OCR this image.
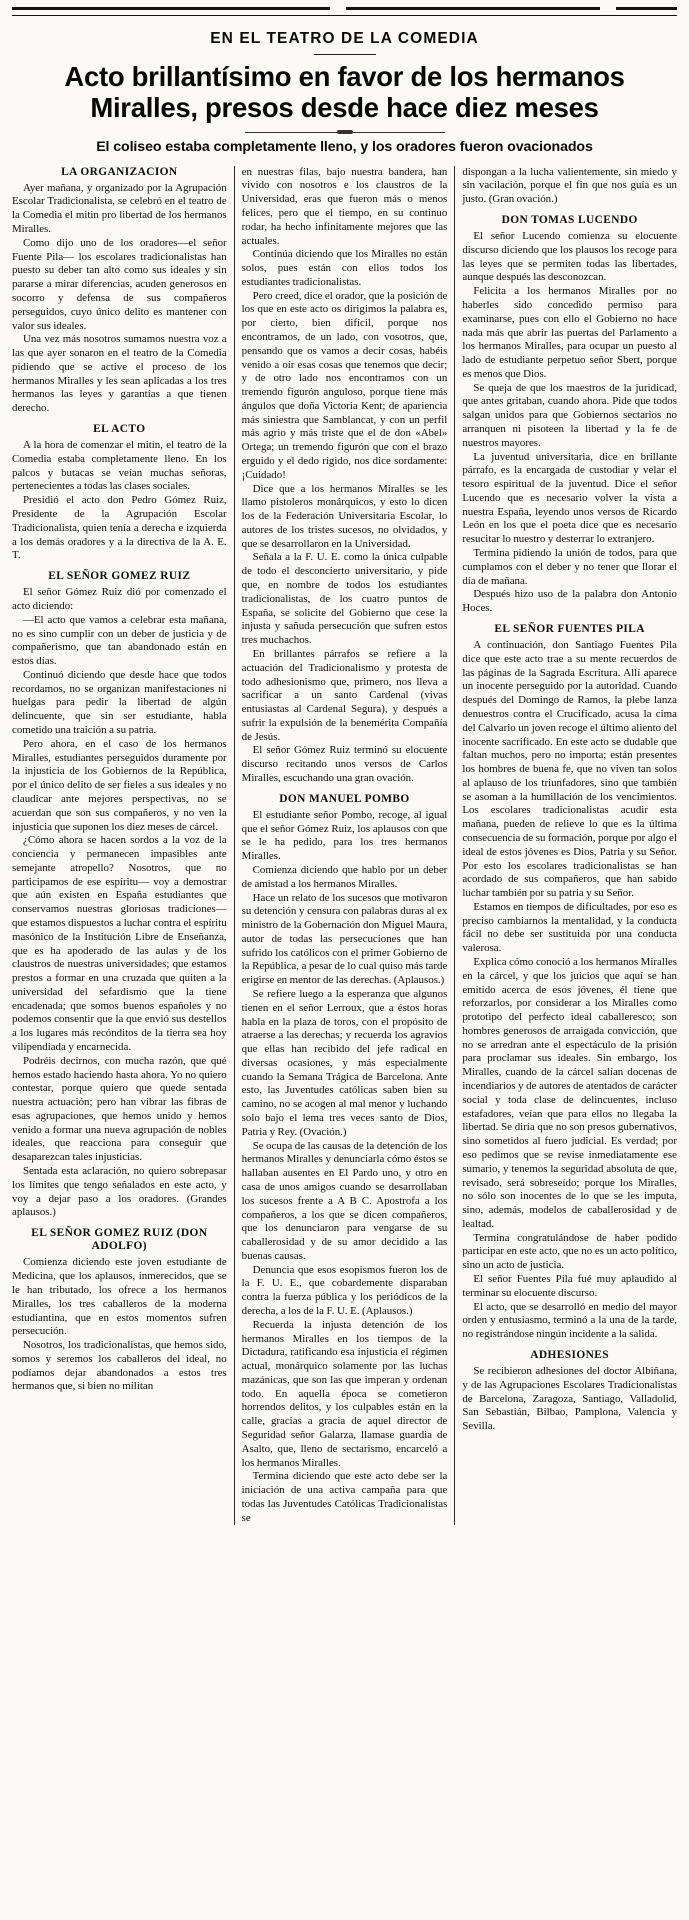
EN EL TEATRO DE LA COMEDIA
Acto brillantísimo en favor de los hermanos Miralles, presos desde hace diez meses
El coliseo estaba completamente lleno, y los oradores fueron ovacionados
LA ORGANIZACION

Ayer mañana, y organizado por la Agrupación Escolar Tradicionalista, se celebró en el teatro de la Comedia el mitin pro libertad de los hermanos Miralles.

Como dijo uno de los oradores—el señor Fuente Pila— los escolares tradicionalistas han puesto su deber tan alto como sus ideales y sin pararse a mirar diferencias, acuden generosos en socorro y defensa de sus compañeros perseguidos, cuyo único delito es mantener con valor sus ideales.

Una vez más nosotros sumamos nuestra voz a las que ayer sonaron en el teatro de la Comedia pidiendo que se active el proceso de los hermanos Miralles y les sean aplicadas a los tres hermanos las leyes y garantías a que tienen derecho.

EL ACTO

A la hora de comenzar el mitin, el teatro de la Comedia estaba completamente lleno. En los palcos y butacas se veían muchas señoras, pertenecientes a todas las clases sociales.

Presidió el acto don Pedro Gómez Ruiz, Presidente de la Agrupación Escolar Tradicionalista, quien tenía a derecha e izquierda a los demás oradores y a la directiva de la A. E. T.

EL SEÑOR GOMEZ RUIZ

El señor Gómez Ruiz dió por comenzado el acto diciendo:

—El acto que vamos a celebrar esta mañana, no es sino cumplir con un deber de justicia y de compañerismo, que tan abandonado están en estos días.

Continuó diciendo que desde hace que todos recordamos, no se organizan manifestaciones ni huelgas para pedir la libertad de algún delincuente, que sin ser estudiante, habla cometido una traición a su patria.

Pero ahora, en el caso de los hermanos Miralles, estudiantes perseguidos duramente por la injusticia de los Gobiernos de la República, por el único delito de ser fieles a sus ideales y no claudicar ante mejores perspectivas, no se acuerdan que son sus compañeros, y no ven la injusticia que suponen los diez meses de cárcel.

¿Cómo ahora se hacen sordos a la voz de la conciencia y permanecen impasibles ante semejante atropello? Nosotros, que no participamos de ese espíritu— voy a demostrar que aún existen en España estudiantes que conservamos nuestras gloriosas tradiciones— que estamos dispuestos a luchar contra el espíritu masónico de la Institución Libre de Enseñanza, que es ha apoderado de las aulas y de los claustros de nuestras universidades; que estamos prestos a formar en una cruzada que quiten a la universidad del sefardismo que la tiene encadenada; que somos buenos españoles y no podemos consentir que la que envió sus destellos a los lugares más recónditos de la tierra sea hoy vilipendiada y encarnecida.

Podréis decirnos, con mucha razón, que qué hemos estado haciendo hasta ahora. Yo no quiero contestar, porque quiero que quede sentada nuestra actuación; pero han vibrar las fibras de esas agrupaciones, que hemos unido y hemos venido a formar una nueva agrupación de nobles ideales, que reacciona para conseguir que desaparezcan tales injusticias.

Sentada esta aclaración, no quiero sobrepasar los límites que tengo señalados en este acto, y voy a dejar paso a los oradores. (Grandes aplausos.)

EL SEÑOR GOMEZ RUIZ (DON ADOLFO)

Comienza diciendo este joven estudiante de Medicina, que los aplausos, inmerecidos, que se le han tributado, los ofrece a los hermanos Miralles, los tres caballeros de la moderna estudiantina, que en estos momentos sufren persecución.

Nosotros, los tradicionalistas, que hemos sido, somos y seremos los caballeros del ideal, no podíamos dejar abandonados a estos tres hermanos que, si bien no militan

en nuestras filas, bajo nuestra bandera, han vivido con nosotros e los claustros de la Universidad, eras que fueron más o menos felices, pero que el tiempo, en su continuo rodar, ha hecho infinitamente mejores que las actuales.

Continúa diciendo que los Miralles no están solos, pues están con ellos todos los estudiantes tradicionalistas.

Pero creed, dice el orador, que la posición de los que en este acto os dirigimos la palabra es, por cierto, bien difícil, porque nos encontramos, de un lado, con vosotros, que, pensando que os vamos a decir cosas, habéis venido a oír esas cosas que tenemos que decir; y de otro lado nos encontramos con un tremendo figurón anguloso, porque tiene más ángulos que doña Victoria Kent; de apariencia más siniestra que Samblancat, y con un perfil más agrio y más triste que el de don «Abel» Ortega; un tremendo figurón que con el brazo erguido y el dedo rígido, nos dice sordamente: ¡Cuidado!

Dice que a los hermanos Miralles se les llamo pistoleros monárquicos, y esto lo dicen los de la Federación Universitaria Escolar, lo autores de los tristes sucesos, no olvidados, y que se desarrollaron en la Universidad.

Señala a la F. U. E. como la única culpable de todo el desconcierto universitario, y pide que, en nombre de todos los estudiantes tradicionalistas, de los cuatro puntos de España, se solicite del Gobierno que cese la injusta y sañuda persecución que sufren estos tres muchachos.

En brillantes párrafos se refiere a la actuación del Tradicionalismo y protesta de todo adhesionismo que, primero, nos lleva a sacrificar a un santo Cardenal (vivas entusiastas al Cardenal Segura), y después a sufrir la expulsión de la benemérita Compañía de Jesús.

El señor Gómez Ruiz terminó su elocuente discurso recitando unos versos de Carlos Miralles, escuchando una gran ovación.

DON MANUEL POMBO

El estudiante señor Pombo, recoge, al igual que el señor Gómez Ruiz, los aplausos con que se le ha pedido, para los tres hermanos Miralles.

Comienza diciendo que hablo por un deber de amistad a los hermanos Miralles.

Hace un relato de los sucesos que motivaron su detención y censura con palabras duras al ex ministro de la Gobernación don Miguel Maura, autor de todas las persecuciones que han sufrido los católicos con el primer Gobierno de la República, a pesar de lo cual quiso más tarde erigirse en mentor de las derechas. (Aplausos.)

Se refiere luego a la esperanza que algunos tienen en el señor Lerroux, que a éstos horas habla en la plaza de toros, con el propósito de atraerse a las derechas; y recuerda los agravios que ellas han recibido del jefe radical en diversas ocasiones, y más especialmente cuando la Semana Trágica de Barcelona. Ante esto, las Juventudes católicas saben bien su camino, no se acogen al mal menor y luchando solo bajo el lema tres veces santo de Dios, Patria y Rey. (Ovación.)

Se ocupa de las causas de la detención de los hermanos Miralles y denunciarla cómo éstos se hallaban ausentes en El Pardo uno, y otro en casa de unos amigos cuando se desarrollaban los sucesos frente a A B C. Apostrofa a los compañeros, a los que se dicen compañeros, que los denunciaron para vengarse de su caballerosidad y de su amor decidido a las buenas causas.

Denuncia que esos esopismos fueron los de la F. U. E., que cobardemente disparaban contra la fuerza pública y los periódicos de la derecha, a los de la F. U. E. (Aplausos.)

Recuerda la injusta detención de los hermanos Miralles en los tiempos de la Dictadura, ratificando esa injusticia el régimen actual, monárquico solamente por las luchas mazánicas, que son las que imperan y ordenan todo. En aquella época se cometieron horrendos delitos, y los culpables están en la calle, gracias a gracia de aquel director de Seguridad señor Galarza, llamase guardia de Asalto, que, lleno de sectarismo, encarceló a los hermanos Miralles.

Termina diciendo que este acto debe ser la iniciación de una activa campaña para que todas las Juventudes Católicas Tradicionalistas se

dispongan a la lucha valientemente, sin miedo y sin vacilación, porque el fin que nos guía es un justo. (Gran ovación.)

DON TOMAS LUCENDO

El señor Lucendo comienza su elocuente discurso diciendo que los plausos los recoge para las leyes que se permiten todas las libertades, aunque después las desconozcan.

Felicita a los hermanos Miralles por no haberles sido concedido permiso para examinarse, pues con ello el Gobierno no hace nada más que abrir las puertas del Parlamento a los hermanos Miralles, para ocupar un puesto al lado de estudiante perpetuo señor Sbert, porque es menos que Dios.

Se queja de que los maestros de la juridicad, que antes gritaban, cuando ahora. Pide que todos salgan unidos para que Gobiernos sectarios no arranquen ni pisoteen la libertad y la fe de nuestros mayores.

La juventud universitaria, dice en brillante párrafo, es la encargada de custodiar y velar el tesoro espiritual de la juventud. Dice el señor Lucendo que es necesario volver la vista a nuestra España, leyendo unos versos de Ricardo León en los que el poeta dice que es necesario resucitar lo nuestro y desterrar lo extranjero.

Termina pidiendo la unión de todos, para que cumplamos con el deber y no tener que llorar el día de mañana.

Después hizo uso de la palabra don Antonio Hoces.

EL SEÑOR FUENTES PILA

A continuación, don Santiago Fuentes Pila dice que este acto trae a su mente recuerdos de las páginas de la Sagrada Escritura. Allí aparece un inocente perseguido por la autoridad. Cuando después del Domingo de Ramos, la plebe lanza denuestros contra el Crucificado, acusa la cima del Calvario un joven recoge el último aliento del inocente sacrificado. En este acto se dudable que faltan muchos, pero no importa; están presentes los hombres de buena fe, que no viven tan solos al aplauso de los triunfadores, sino que también se asoman a la humillación de los vencimientos. Los escolares tradicionalistas acudir esta mañana, pueden de relieve lo que es la última consecuencia de su formación, porque por algo el ideal de estos jóvenes es Dios, Patria y su Señor. Por esto los escolares tradicionalistas se han acordado de sus compañeros, que han sabido luchar también por su patria y su Señor.

Estamos en tiempos de dificultades, por eso es preciso cambiarnos la mentalidad, y la conducta fácil no debe ser sustituida por una conducta valerosa.

Explica cómo conoció a los hermanos Miralles en la cárcel, y que los juicios que aquí se han emitido acerca de esos jóvenes, él tiene que reforzarlos, por considerar a los Miralles como prototipo del perfecto ideal caballeresco; son hombres generosos de arraigada convicción, que no se arredran ante el espectáculo de la prisión para proclamar sus ideales. Sin embargo, los Miralles, cuando de la cárcel salían docenas de incendiarios y de autores de atentados de carácter social y toda clase de delincuentes, incluso estafadores, veían que para ellos no llegaba la libertad. Se diría que no son presos gubernativos, sino sometidos al fuero judicial. Es verdad; por eso pedimos que se revise inmediatamente ese sumario, y tenemos la seguridad absoluta de que, revisado, será sobreseído; porque los Miralles, no sólo son inocentes de lo que se les imputa, sino, además, modelos de caballerosidad y de lealtad.

Termina congratulándose de haber podido participar en este acto, que no es un acto político, sino un acto de justicia.

El señor Fuentes Pila fué muy aplaudido al terminar su elocuente discurso.

El acto, que se desarrolló en medio del mayor orden y entusiasmo, terminó a la una de la tarde, no registrándose ningún incidente a la salida.

ADHESIONES

Se recibieron adhesiones del doctor Albiñana, y de las Agrupaciones Escolares Tradicionalistas de Barcelona, Zaragoza, Santiago, Valladolid, San Sebastián, Bilbao, Pamplona, Valencia y Sevilla.
